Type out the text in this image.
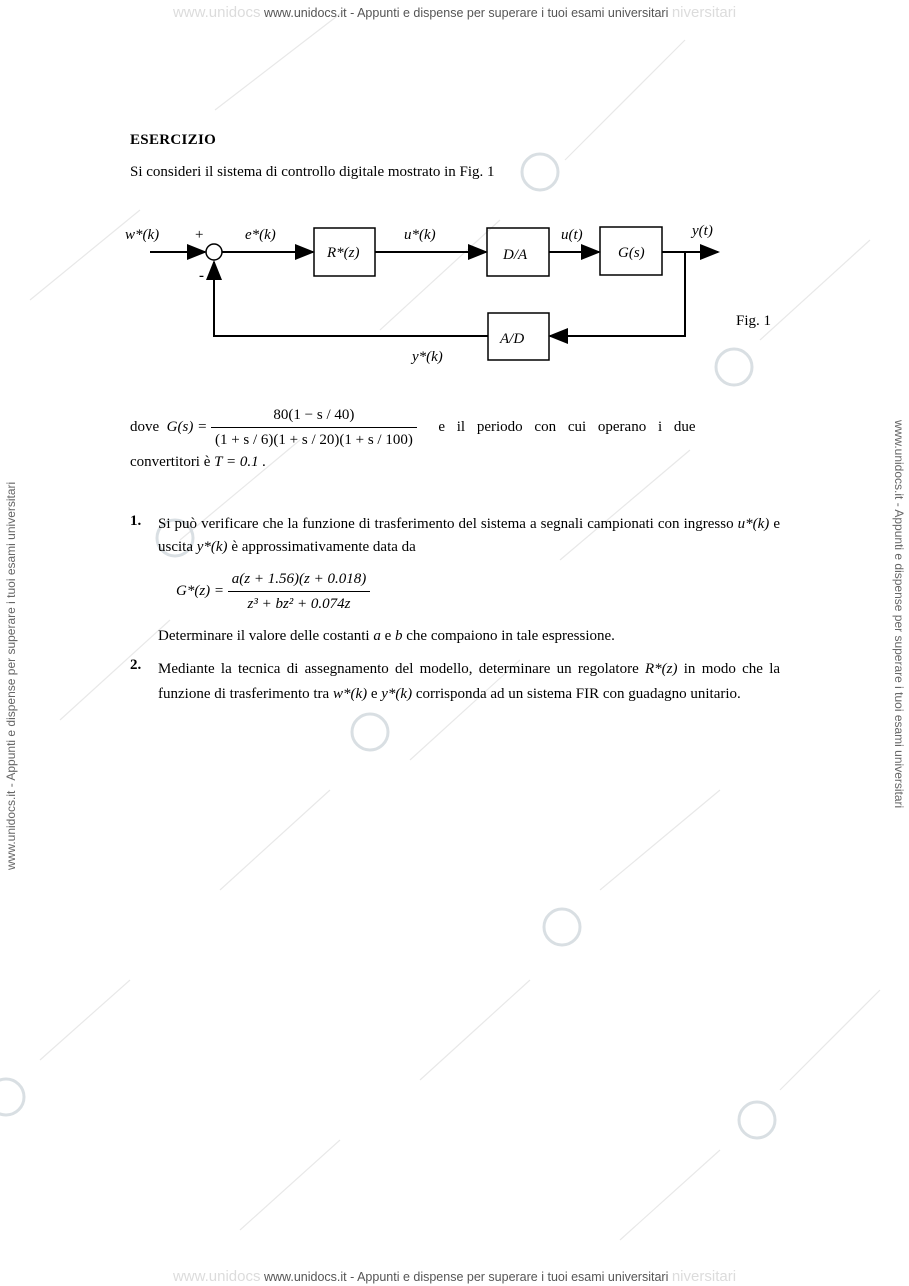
www.unidocs www.unidocs.it - Appunti e dispense per superare i tuoi esami universitari niversitari
www.unidocs www.unidocs.it - Appunti e dispense per superare i tuoi esami universitari niversitari
www.unidocs.it - Appunti e dispense per superare i tuoi esami universitari	www.unidocs.it - Appunti e dispense per superare i tuoi esami universitari
ESERCIZIO
Si consideri il sistema di controllo digitale mostrato in Fig. 1
w*(k) +
-
e*(k)
R*(z)
u*(k)
D/A
u(t)
G(s)
y(t)
A/D
y*(k)
Fig. 1
dove $G(s) = \frac{80(1 - s / 40)}{(1 + s / 6)(1 + s / 20)(1 + s / 100)}$ e il periodo con cui operano i due
convertitori è T = 0.1 .
1. Si può verificare che la funzione di trasferimento del sistema a segnali campionati con ingresso u*(k) e uscita y*(k) è approssimativamente data da
$G*(z) = \frac{a(z + 1.56)(z + 0.018)}{\text{z³ + bz² + 0.074z}}$
Determinare il valore delle costanti a e b che compaiono in tale espressione.
2. Mediante la tecnica di assegnamento del modello, determinare un regolatore R*(z) in modo che la funzione di trasferimento tra w*(k) e y*(k) corrisponda ad un sistema FIR con guadagno unitario.
